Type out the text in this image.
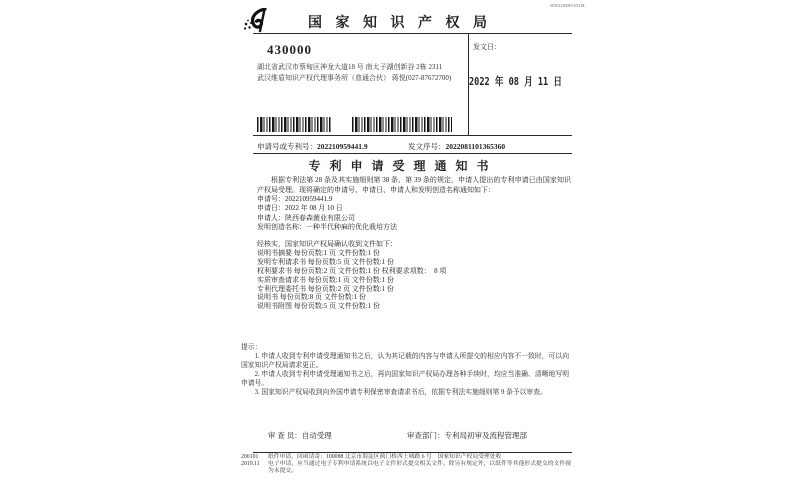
WD2208091010L
国 家 知 识 产 权 局
430000
湖北省武汉市蔡甸区神龙大道18 号 南太子湖创新谷 2栋 2311
武汉维盾知识产权代理事务所（普通合伙） 蒋悦(027-87672700)
发文日：
2022 年 08 月 11 日
申请号或专利号：202210959441.9	发文序号：2022081101365360
专 利 申 请 受 理 通 知 书
根据专利法第 28 条及其实施细则第 38 条、第 39 条的规定，申请人提出的专利申请已由国家知识产权局受理。现将确定的申请号、申请日、申请人和发明创造名称通知如下：
申请号：202210959441.9
申请日：2022 年 08 月 10 日
申请人：陕西春森菌业有限公司
发明创造名称：一种半代种麻的优化栽培方法
经核实，国家知识产权局确认收到文件如下：
说明书摘要 每份页数:1 页 文件份数:1 份
发明专利请求书 每份页数:5 页 文件份数:1 份
权利要求书 每份页数:2 页 文件份数:1 份 权利要求项数：　8 项
实质审查请求书 每份页数:1 页 文件份数:1 份
专利代理委托书 每份页数:2 页 文件份数:1 份
说明书 每份页数:8 页 文件份数:1 份
说明书附图 每份页数:5 页 文件份数:1 份
提示：
1. 申请人收到专利申请受理通知书之后，认为其记载的内容与申请人所提交的相应内容不一致时，可以向国家知识产权局请求更正。
2. 申请人收到专利申请受理通知书之后，再向国家知识产权局办理各种手续时，均应当准确、清晰地写明申请号。
3. 国家知识产权局收到向外国申请专利保密审查请求书后，依据专利法实施细则第 9 条予以审查。
审 查 员：自动受理	审查部门：专利局初审及流程管理部
200101	纸件申请，回函请寄：100088 北京市海淀区蓟门桥西土城路 6 号　国家知识产权局受理处收
2019.11	电子申请，应当通过电子专利申请系统以电子文件形式提交相关文件。除另有规定外，以纸件等其他形式提交的文件视为未提交。
